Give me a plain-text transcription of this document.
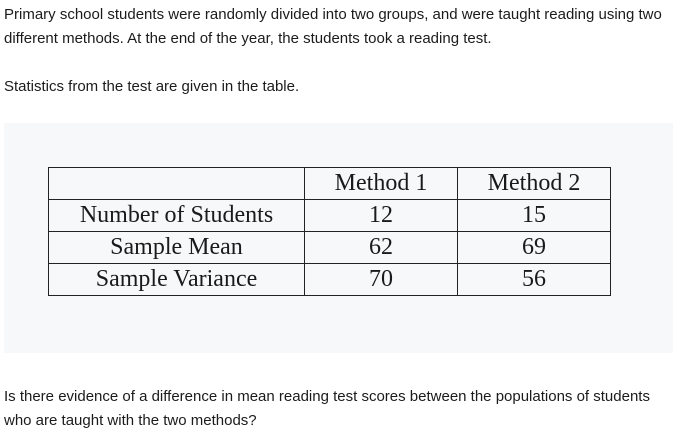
Primary school students were randomly divided into two groups, and were taught reading using two different methods. At the end of the year, the students took a reading test.

Statistics from the test are given in the table.

	Method 1	Method 2
Number of Students	12	15
Sample Mean	62	69
Sample Variance	70	56

Is there evidence of a difference in mean reading test scores between the populations of students who are taught with the two methods?
